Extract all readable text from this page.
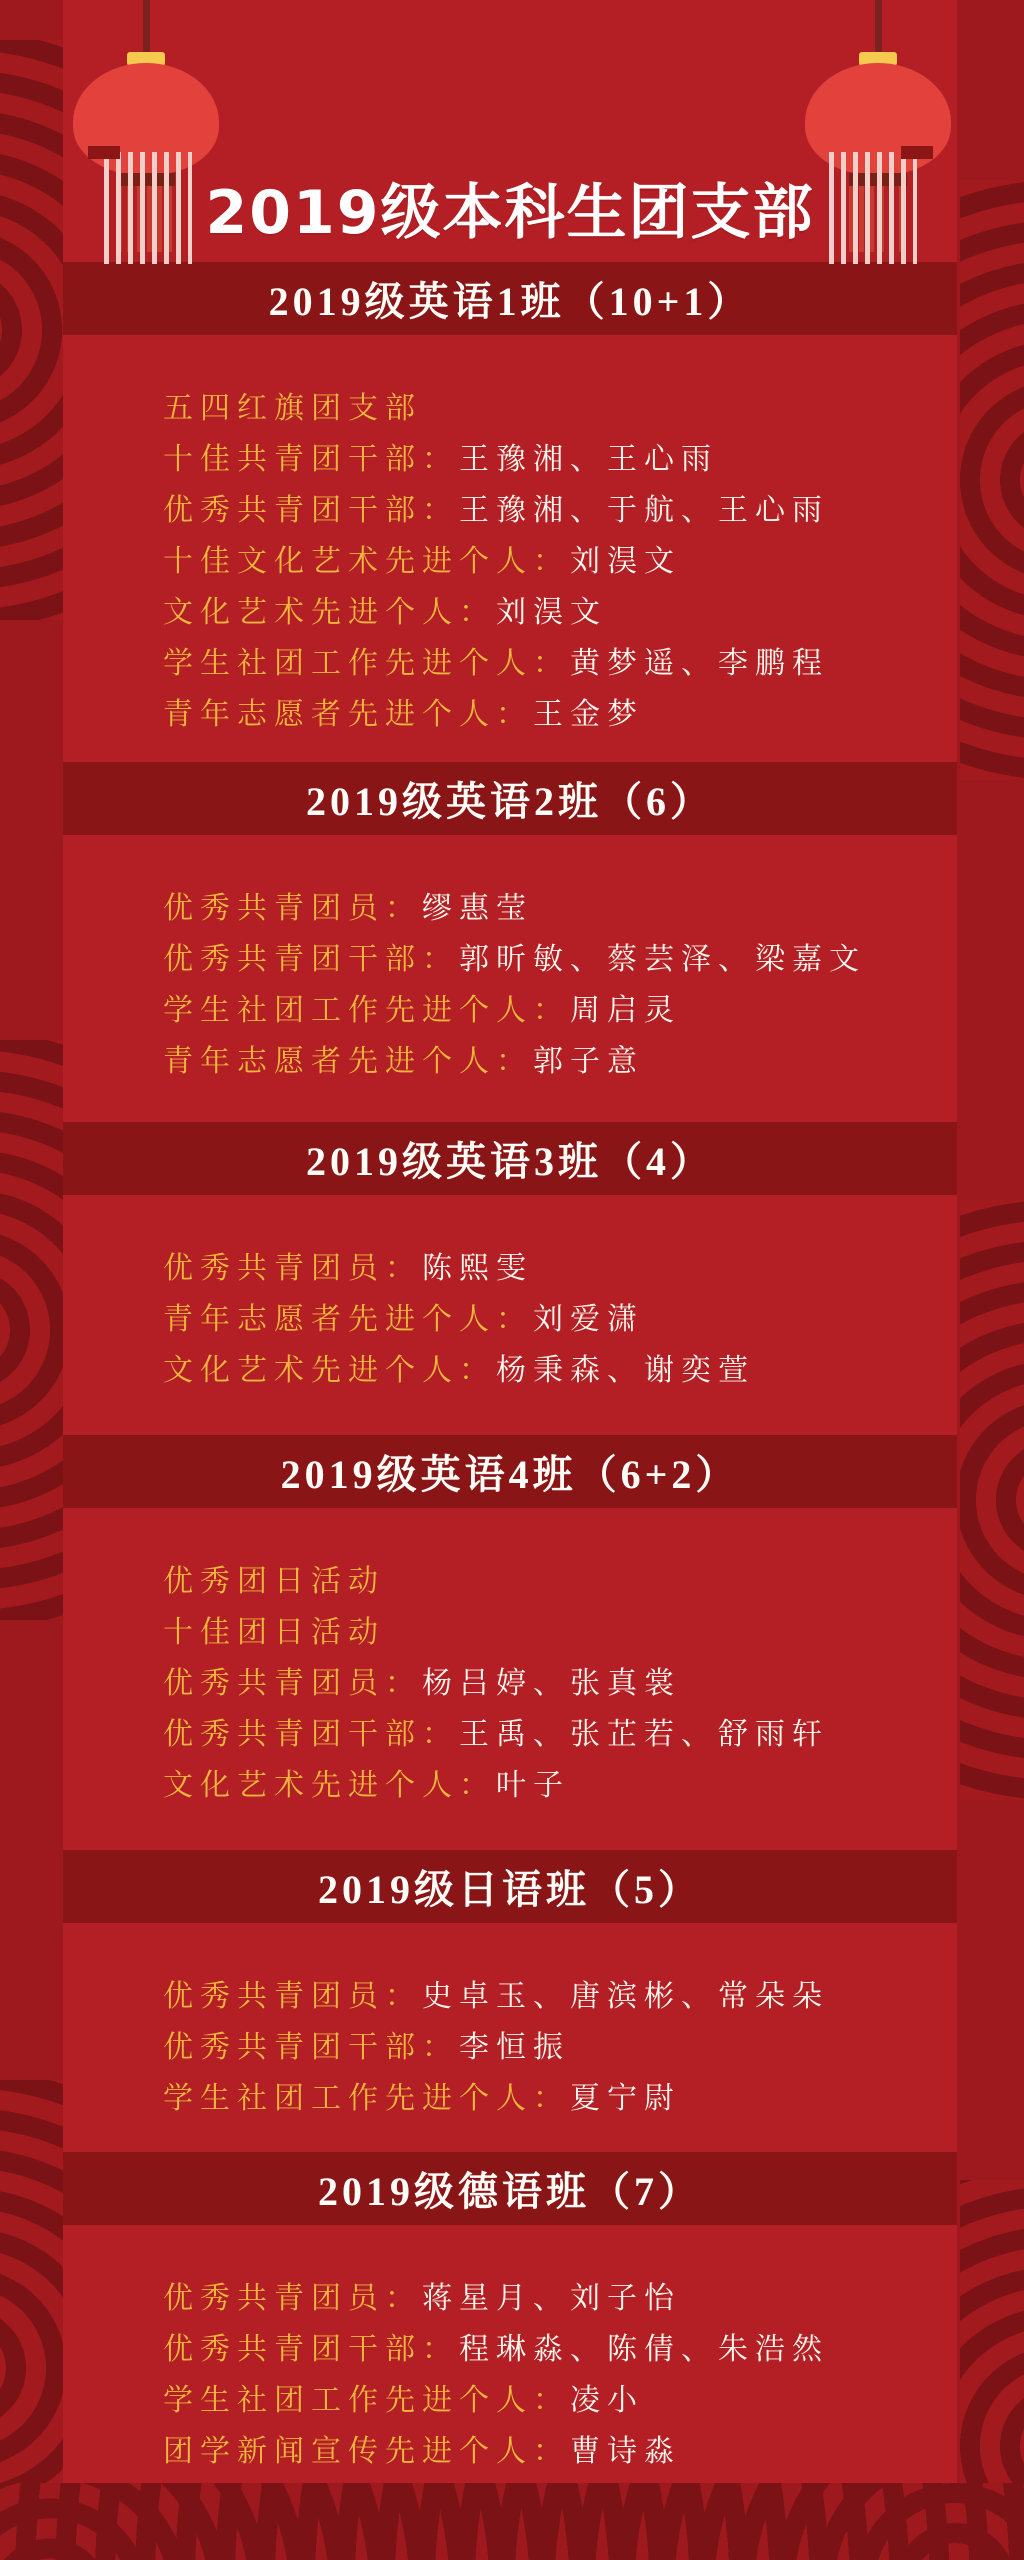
2019级本科生团支部
2019级英语1班（10+1）
五四红旗团支部
十佳共青团干部：王豫湘、王心雨
优秀共青团干部：王豫湘、于航、王心雨
十佳文化艺术先进个人：刘淏文
文化艺术先进个人：刘淏文
学生社团工作先进个人：黄梦遥、李鹏程
青年志愿者先进个人：王金梦
2019级英语2班（6）
优秀共青团员：缪惠莹
优秀共青团干部：郭昕敏、蔡芸泽、梁嘉文
学生社团工作先进个人：周启灵
青年志愿者先进个人：郭子意
2019级英语3班（4）
优秀共青团员：陈熙雯
青年志愿者先进个人：刘爱潇
文化艺术先进个人：杨秉森、谢奕萱
2019级英语4班（6+2）
优秀团日活动
十佳团日活动
优秀共青团员：杨吕婷、张真裳
优秀共青团干部：王禹、张芷若、舒雨轩
文化艺术先进个人：叶子
2019级日语班（5）
优秀共青团员：史卓玉、唐滨彬、常朵朵
优秀共青团干部：李恒振
学生社团工作先进个人：夏宁尉
2019级德语班（7）
优秀共青团员：蒋星月、刘子怡
优秀共青团干部：程琳淼、陈倩、朱浩然
学生社团工作先进个人：凌小
团学新闻宣传先进个人：曹诗淼
